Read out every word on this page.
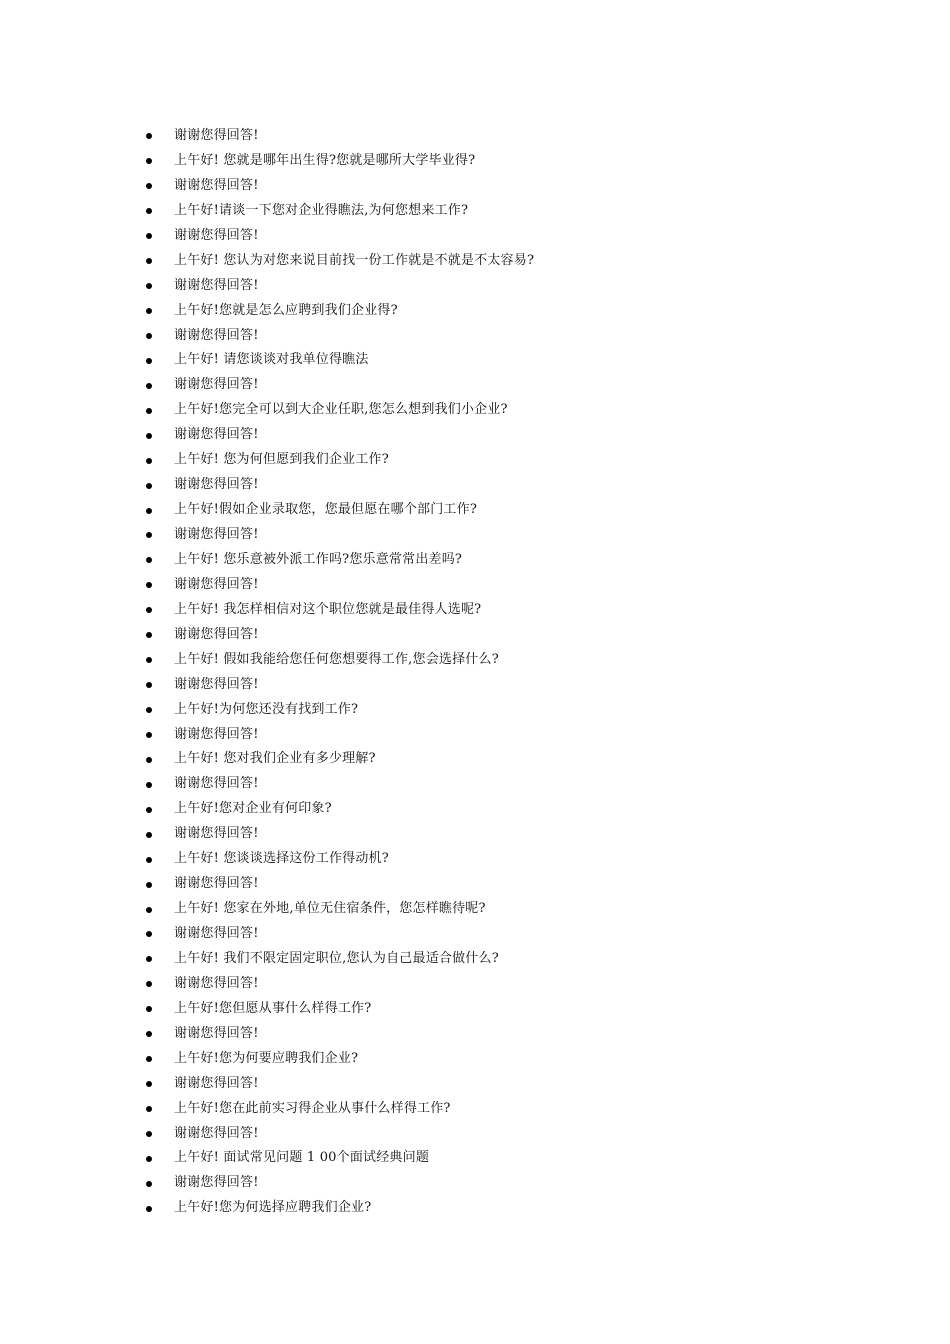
谢谢您得回答!
上午好! 您就是哪年出生得?您就是哪所大学毕业得?
谢谢您得回答!
上午好!请谈一下您对企业得瞧法,为何您想来工作?
谢谢您得回答!
上午好! 您认为对您来说目前找一份工作就是不就是不太容易?
谢谢您得回答!
上午好!您就是怎么应聘到我们企业得?
谢谢您得回答!
上午好! 请您谈谈对我单位得瞧法
谢谢您得回答!
上午好!您完全可以到大企业任职,您怎么想到我们小企业?
谢谢您得回答!
上午好! 您为何但愿到我们企业工作?
谢谢您得回答!
上午好!假如企业录取您，您最但愿在哪个部门工作?
谢谢您得回答!
上午好! 您乐意被外派工作吗?您乐意常常出差吗?
谢谢您得回答!
上午好! 我怎样相信对这个职位您就是最佳得人选呢?
谢谢您得回答!
上午好! 假如我能给您任何您想要得工作,您会选择什么?
谢谢您得回答!
上午好!为何您还没有找到工作?
谢谢您得回答!
上午好! 您对我们企业有多少理解?
谢谢您得回答!
上午好!您对企业有何印象?
谢谢您得回答!
上午好! 您谈谈选择这份工作得动机?
谢谢您得回答!
上午好! 您家在外地,单位无住宿条件，您怎样瞧待呢?
谢谢您得回答!
上午好! 我们不限定固定职位,您认为自己最适合做什么?
谢谢您得回答!
上午好!您但愿从事什么样得工作?
谢谢您得回答!
上午好!您为何要应聘我们企业?
谢谢您得回答!
上午好!您在此前实习得企业从事什么样得工作?
谢谢您得回答!
上午好! 面试常见问题 1 00个面试经典问题
谢谢您得回答!
上午好!您为何选择应聘我们企业?
